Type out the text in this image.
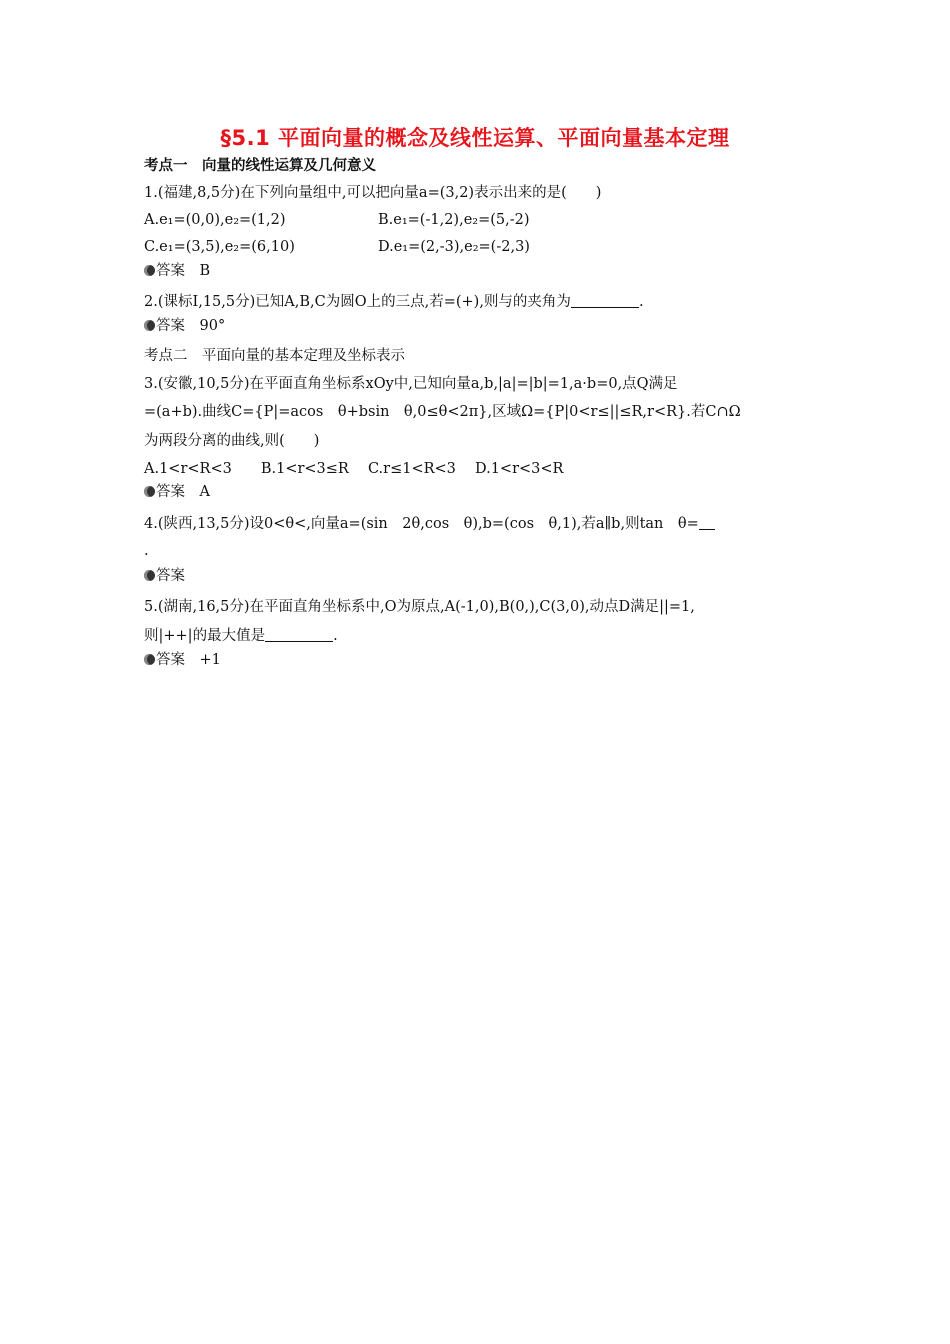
§5.1 平面向量的概念及线性运算、平面向量基本定理
考点一　向量的线性运算及几何意义
1.(福建,8,5分)在下列向量组中,可以把向量a=(3,2)表示出来的是(　　)
A.e₁=(0,0),e₂=(1,2)	B.e₁=(-1,2),e₂=(5,-2)
C.e₁=(3,5),e₂=(6,10)	D.e₁=(2,-3),e₂=(-2,3)
答案　 B
2.(课标Ⅰ,15,5分)已知A,B,C为圆O上的三点,若=(+),则与的夹角为	.
答案　 90°
考点二　平面向量的基本定理及坐标表示
3.(安徽,10,5分)在平面直角坐标系xOy中,已知向量a,b,|a|=|b|=1,a·b=0,点Q满足
=(a+b).曲线C={P|=acos　θ+bsin　θ,0≤θ<2π},区域Ω={P|0<r≤||≤R,r<R}.若C∩Ω
为两段分离的曲线,则(　　)
A.1<r<R<3　　B.1<r<3≤R　 C.r≤1<R<3　 D.1<r<3<R
答案　 A
4.(陕西,13,5分)设0<θ<,向量a=(sin　2θ,cos　θ),b=(cos　θ,1),若a∥b,则tan　θ=
.
答案
5.(湖南,16,5分)在平面直角坐标系中,O为原点,A(-1,0),B(0,),C(3,0),动点D满足||=1,
则|++|的最大值是	.
答案　 +1
